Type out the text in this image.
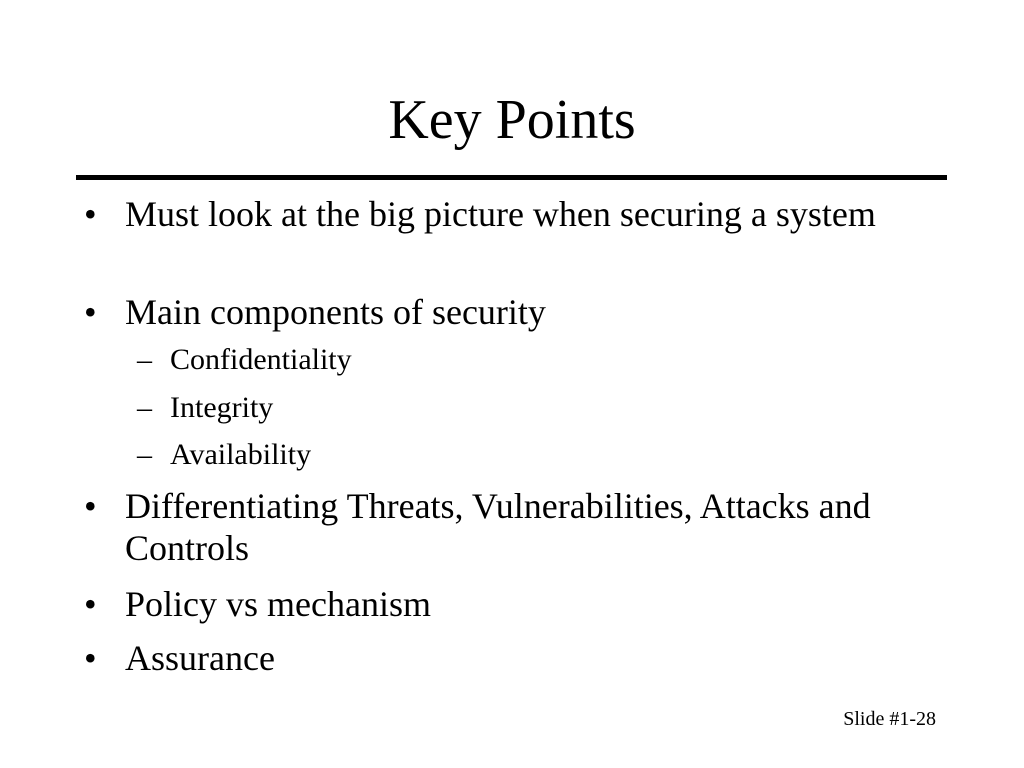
Key Points
• Must look at the big picture when securing a system
• Main components of security
– Confidentiality
– Integrity
– Availability
• Differentiating Threats, Vulnerabilities, Attacks and Controls
• Policy vs mechanism
• Assurance
Slide #1-28
